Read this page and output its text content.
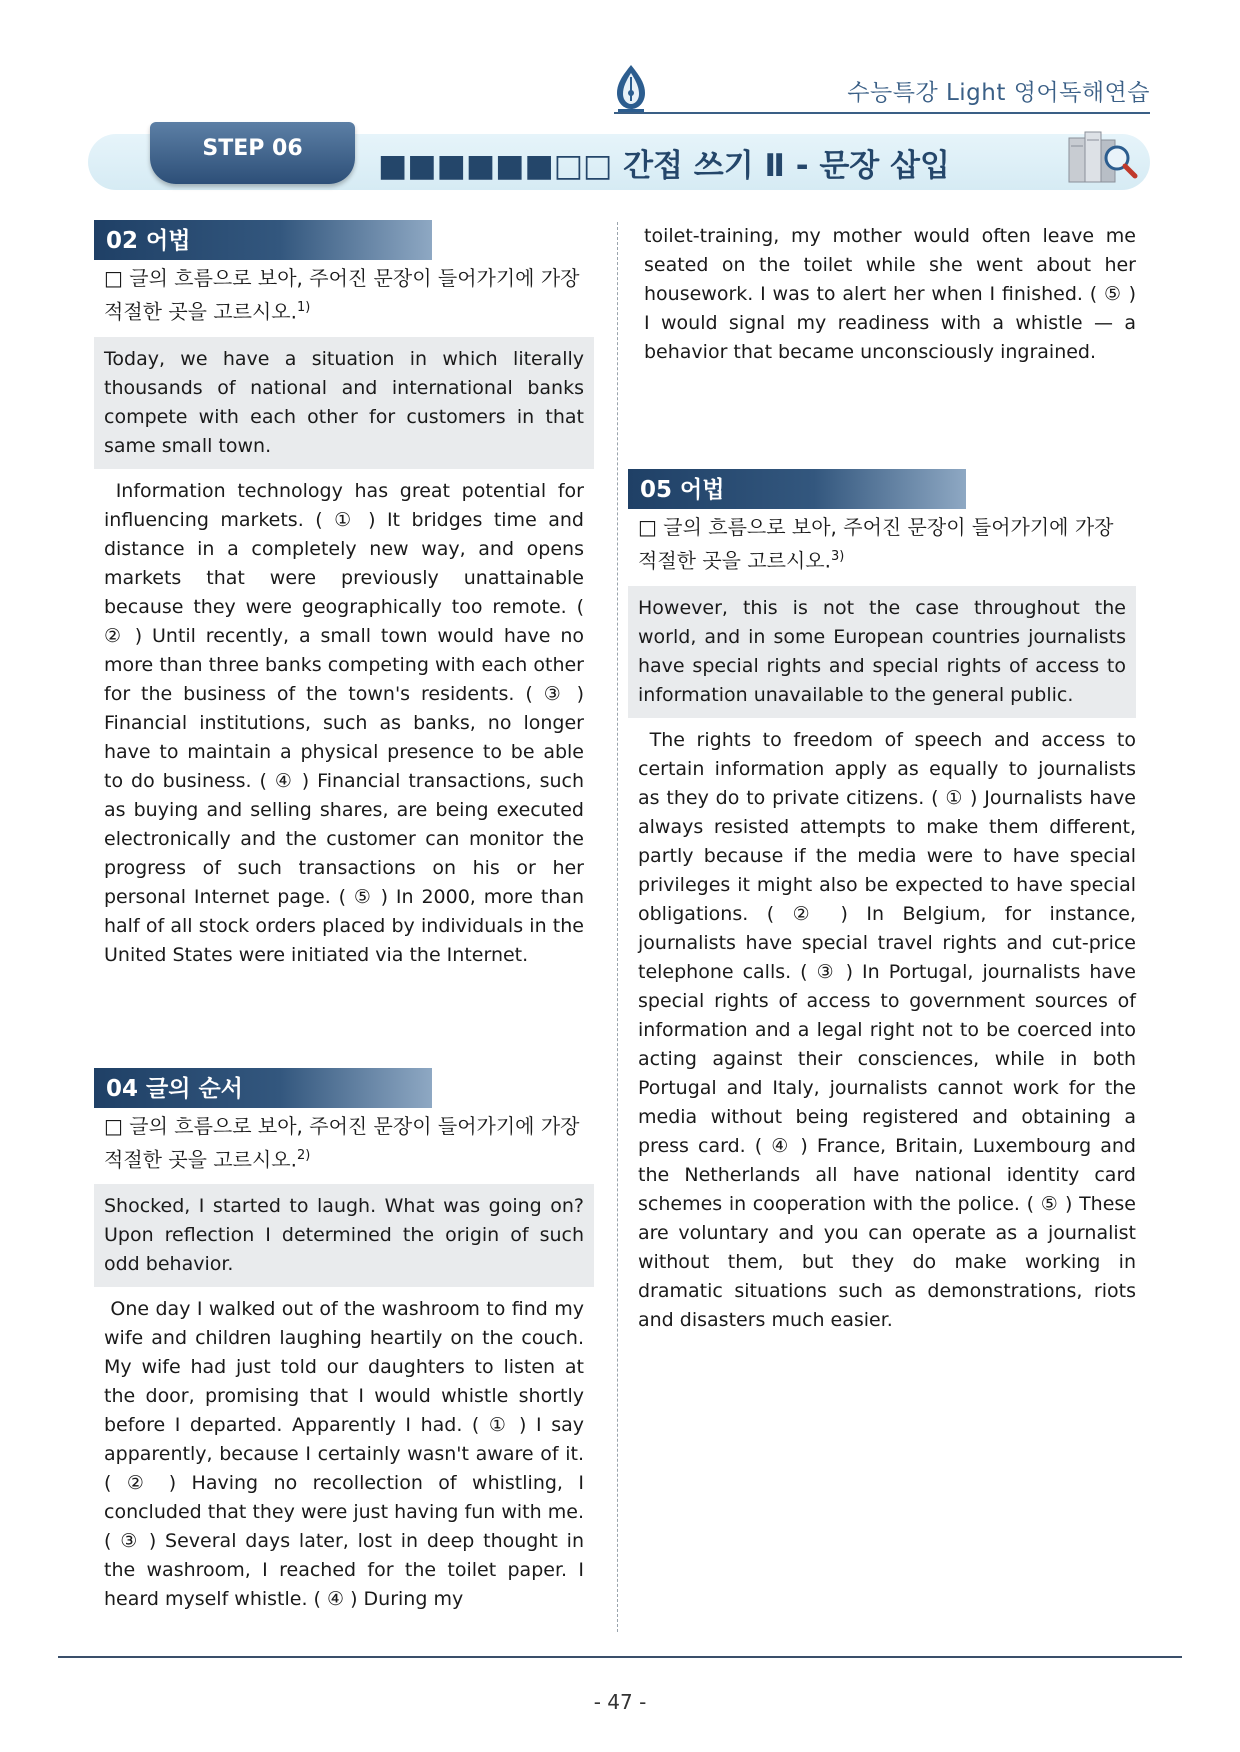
수능특강 Light 영어독해연습
STEP 06	■■■■■■□□ 간접 쓰기 Ⅱ - 문장 삽입
02 어법
□ 글의 흐름으로 보아, 주어진 문장이 들어가기에 가장 적절한 곳을 고르시오.$^{1)}$
Today, we have a situation in which literally thousands of national and international banks compete with each other for customers in that same small town.
Information technology has great potential for influencing markets. ( ① ) It bridges time and distance in a completely new way, and opens markets that were previously unattainable because they were geographically too remote. ( ② ) Until recently, a small town would have no more than three banks competing with each other for the business of the town's residents. ( ③ ) Financial institutions, such as banks, no longer have to maintain a physical presence to be able to do business. ( ④ ) Financial transactions, such as buying and selling shares, are being executed electronically and the customer can monitor the progress of such transactions on his or her personal Internet page. ( ⑤ ) In 2000, more than half of all stock orders placed by individuals in the United States were initiated via the Internet.
04 글의 순서
□ 글의 흐름으로 보아, 주어진 문장이 들어가기에 가장 적절한 곳을 고르시오.$^{2)}$
Shocked, I started to laugh. What was going on? Upon reflection I determined the origin of such odd behavior.
One day I walked out of the washroom to find my wife and children laughing heartily on the couch. My wife had just told our daughters to listen at the door, promising that I would whistle shortly before I departed. Apparently I had. ( ① ) I say apparently, because I certainly wasn't aware of it. ( ② ) Having no recollection of whistling, I concluded that they were just having fun with me. ( ③ ) Several days later, lost in deep thought in the washroom, I reached for the toilet paper. I heard myself whistle. ( ④ ) During my
toilet-training, my mother would often leave me seated on the toilet while she went about her housework. I was to alert her when I finished. ( ⑤ ) I would signal my readiness with a whistle — a behavior that became unconsciously ingrained.
05 어법
□ 글의 흐름으로 보아, 주어진 문장이 들어가기에 가장 적절한 곳을 고르시오.$^{3)}$
However, this is not the case throughout the world, and in some European countries journalists have special rights and special rights of access to information unavailable to the general public.
The rights to freedom of speech and access to certain information apply as equally to journalists as they do to private citizens. ( ① ) Journalists have always resisted attempts to make them different, partly because if the media were to have special privileges it might also be expected to have special obligations. ( ② ) In Belgium, for instance, journalists have special travel rights and cut-price telephone calls. ( ③ ) In Portugal, journalists have special rights of access to government sources of information and a legal right not to be coerced into acting against their consciences, while in both Portugal and Italy, journalists cannot work for the media without being registered and obtaining a press card. ( ④ ) France, Britain, Luxembourg and the Netherlands all have national identity card schemes in cooperation with the police. ( ⑤ ) These are voluntary and you can operate as a journalist without them, but they do make working in dramatic situations such as demonstrations, riots and disasters much easier.
- 47 -
